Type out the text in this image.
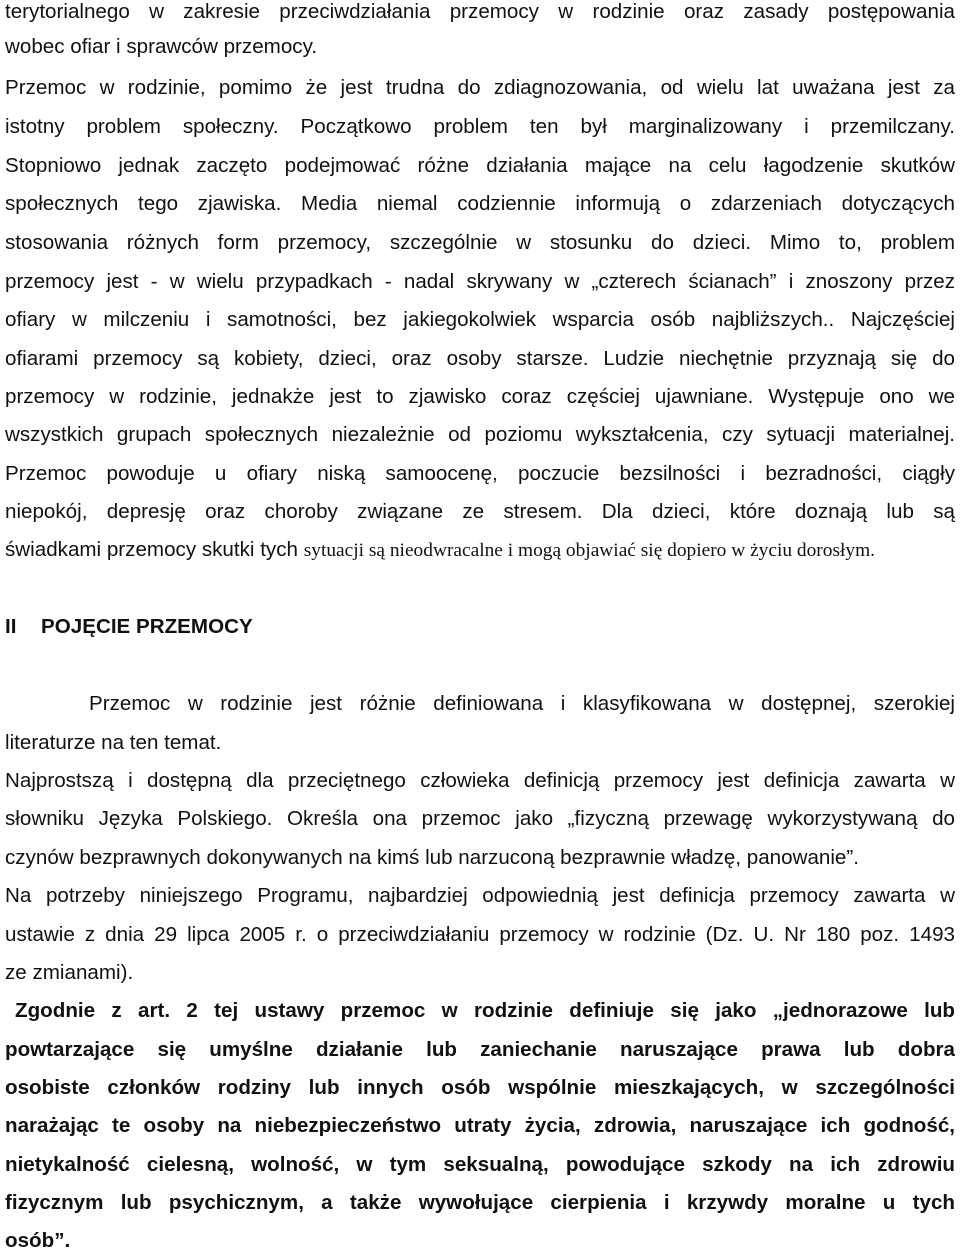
terytorialnego w zakresie przeciwdziałania przemocy w rodzinie oraz zasady postępowania
wobec ofiar i sprawców przemocy.
Przemoc w rodzinie, pomimo że jest trudna do zdiagnozowania, od wielu lat uważana jest za
istotny problem społeczny. Początkowo problem ten był marginalizowany i przemilczany.
Stopniowo jednak zaczęto podejmować różne działania mające na celu łagodzenie skutków
społecznych tego zjawiska. Media niemal codziennie informują o zdarzeniach dotyczących
stosowania różnych form przemocy, szczególnie w stosunku do dzieci. Mimo to, problem
przemocy jest - w wielu przypadkach - nadal skrywany w „czterech ścianach” i znoszony przez
ofiary w milczeniu i samotności, bez jakiegokolwiek wsparcia osób najbliższych.. Najczęściej
ofiarami przemocy są kobiety, dzieci, oraz osoby starsze. Ludzie niechętnie przyznają się do
przemocy w rodzinie, jednakże jest to zjawisko coraz częściej ujawniane. Występuje ono we
wszystkich grupach społecznych niezależnie od poziomu wykształcenia, czy sytuacji materialnej.
Przemoc powoduje u ofiary niską samoocenę, poczucie bezsilności i bezradności, ciągły
niepokój, depresję oraz choroby związane ze stresem. Dla dzieci, które doznają lub są
świadkami przemocy skutki tych sytuacji są nieodwracalne i mogą objawiać się dopiero w życiu dorosłym.
II POJĘCIE PRZEMOCY
Przemoc w rodzinie jest różnie definiowana i klasyfikowana w dostępnej, szerokiej
literaturze na ten temat.
Najprostszą i dostępną dla przeciętnego człowieka definicją przemocy jest definicja zawarta w
słowniku Języka Polskiego. Określa ona przemoc jako „fizyczną przewagę wykorzystywaną do
czynów bezprawnych dokonywanych na kimś lub narzuconą bezprawnie władzę, panowanie”.
Na potrzeby niniejszego Programu, najbardziej odpowiednią jest definicja przemocy zawarta w
ustawie z dnia 29 lipca 2005 r. o przeciwdziałaniu przemocy w rodzinie (Dz. U. Nr 180 poz. 1493
ze zmianami).
Zgodnie z art. 2 tej ustawy przemoc w rodzinie definiuje się jako „jednorazowe lub
powtarzające się umyślne działanie lub zaniechanie naruszające prawa lub dobra
osobiste członków rodziny lub innych osób wspólnie mieszkających, w szczególności
narażając te osoby na niebezpieczeństwo utraty życia, zdrowia, naruszające ich godność,
nietykalność cielesną, wolność, w tym seksualną, powodujące szkody na ich zdrowiu
fizycznym lub psychicznym, a także wywołujące cierpienia i krzywdy moralne u tych
osób”.
